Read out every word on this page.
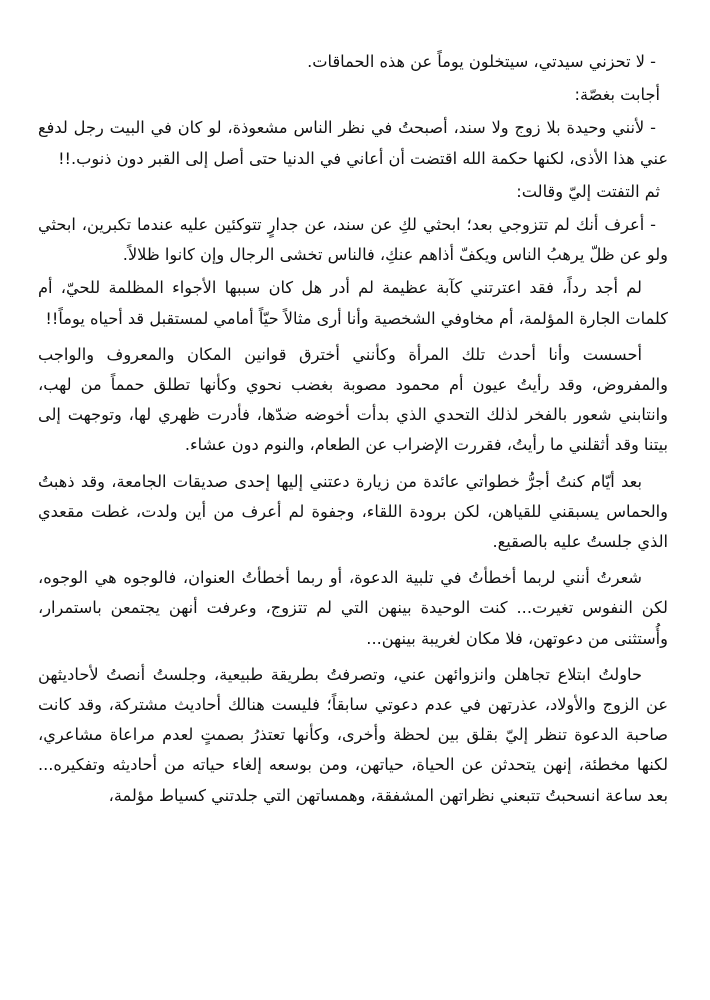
- لا تحزني سيدتي، سيتخلون يوماً عن هذه الحماقات.

أجابت بغصّة:

- لأنني وحيدة بلا زوج ولا سند، أصبحتُ في نظر الناس مشعوذة، لو كان في البيت رجل لدفع عني هذا الأذى، لكنها حكمة الله اقتضت أن أعاني في الدنيا حتى أصل إلى القبر دون ذنوب.!!

ثم التفتت إليّ وقالت:

- أعرف أنك لم تتزوجي بعد؛ ابحثي لكِ عن سند، عن جدارٍ تتوكئين عليه عندما تكبرين، ابحثي ولو عن ظلّ يرهبُ الناس ويكفّ أذاهم عنكِ، فالناس تخشى الرجال وإن كانوا ظلالاً.

لم أجد رداً، فقد اعترتني كآبة عظيمة لم أدر هل كان سببها الأجواء المظلمة للحيّ، أم كلمات الجارة المؤلمة، أم مخاوفي الشخصية وأنا أرى مثالاً حيّاً أمامي لمستقبل قد أحياه يوماً!!

أحسست وأنا أحدث تلك المرأة وكأنني أخترق قوانين المكان والمعروف والواجب والمفروض، وقد رأيتُ عيون أم محمود مصوبة بغضب نحوي وكأنها تطلق حمماً من لهب، وانتابني شعور بالفخر لذلك التحدي الذي بدأت أخوضه ضدّها، فأدرت ظهري لها، وتوجهت إلى بيتنا وقد أثقلني ما رأيتُ، فقررت الإضراب عن الطعام، والنوم دون عشاء.

بعد أيّام كنتُ أجرُّ خطواتي عائدة من زيارة دعتني إليها إحدى صديقات الجامعة، وقد ذهبتُ والحماس يسبقني للقياهن، لكن برودة اللقاء، وجفوة لم أعرف من أين ولدت، غطت مقعدي الذي جلستُ عليه بالصقيع.

شعرتُ أنني لربما أخطأتُ في تلبية الدعوة، أو ربما أخطأتُ العنوان، فالوجوه هي الوجوه، لكن النفوس تغيرت... كنت الوحيدة بينهن التي لم تتزوج، وعرفت أنهن يجتمعن باستمرار، وأُستثنى من دعوتهن، فلا مكان لغريبة بينهن...

حاولتُ ابتلاع تجاهلن وانزوائهن عني، وتصرفتُ بطريقة طبيعية، وجلستُ أنصتُ لأحاديثهن عن الزوج والأولاد، عذرتهن في عدم دعوتي سابقاً؛ فليست هنالك أحاديث مشتركة، وقد كانت صاحبة الدعوة تنظر إليّ بقلق بين لحظة وأخرى، وكأنها تعتذرُ بصمتٍ لعدم مراعاة مشاعري، لكنها مخطئة، إنهن يتحدثن عن الحياة، حياتهن، ومن بوسعه إلغاء حياته من أحاديثه وتفكيره... بعد ساعة انسحبتُ تتبعني نظراتهن المشفقة، وهمساتهن التي جلدتني كسياط مؤلمة،
